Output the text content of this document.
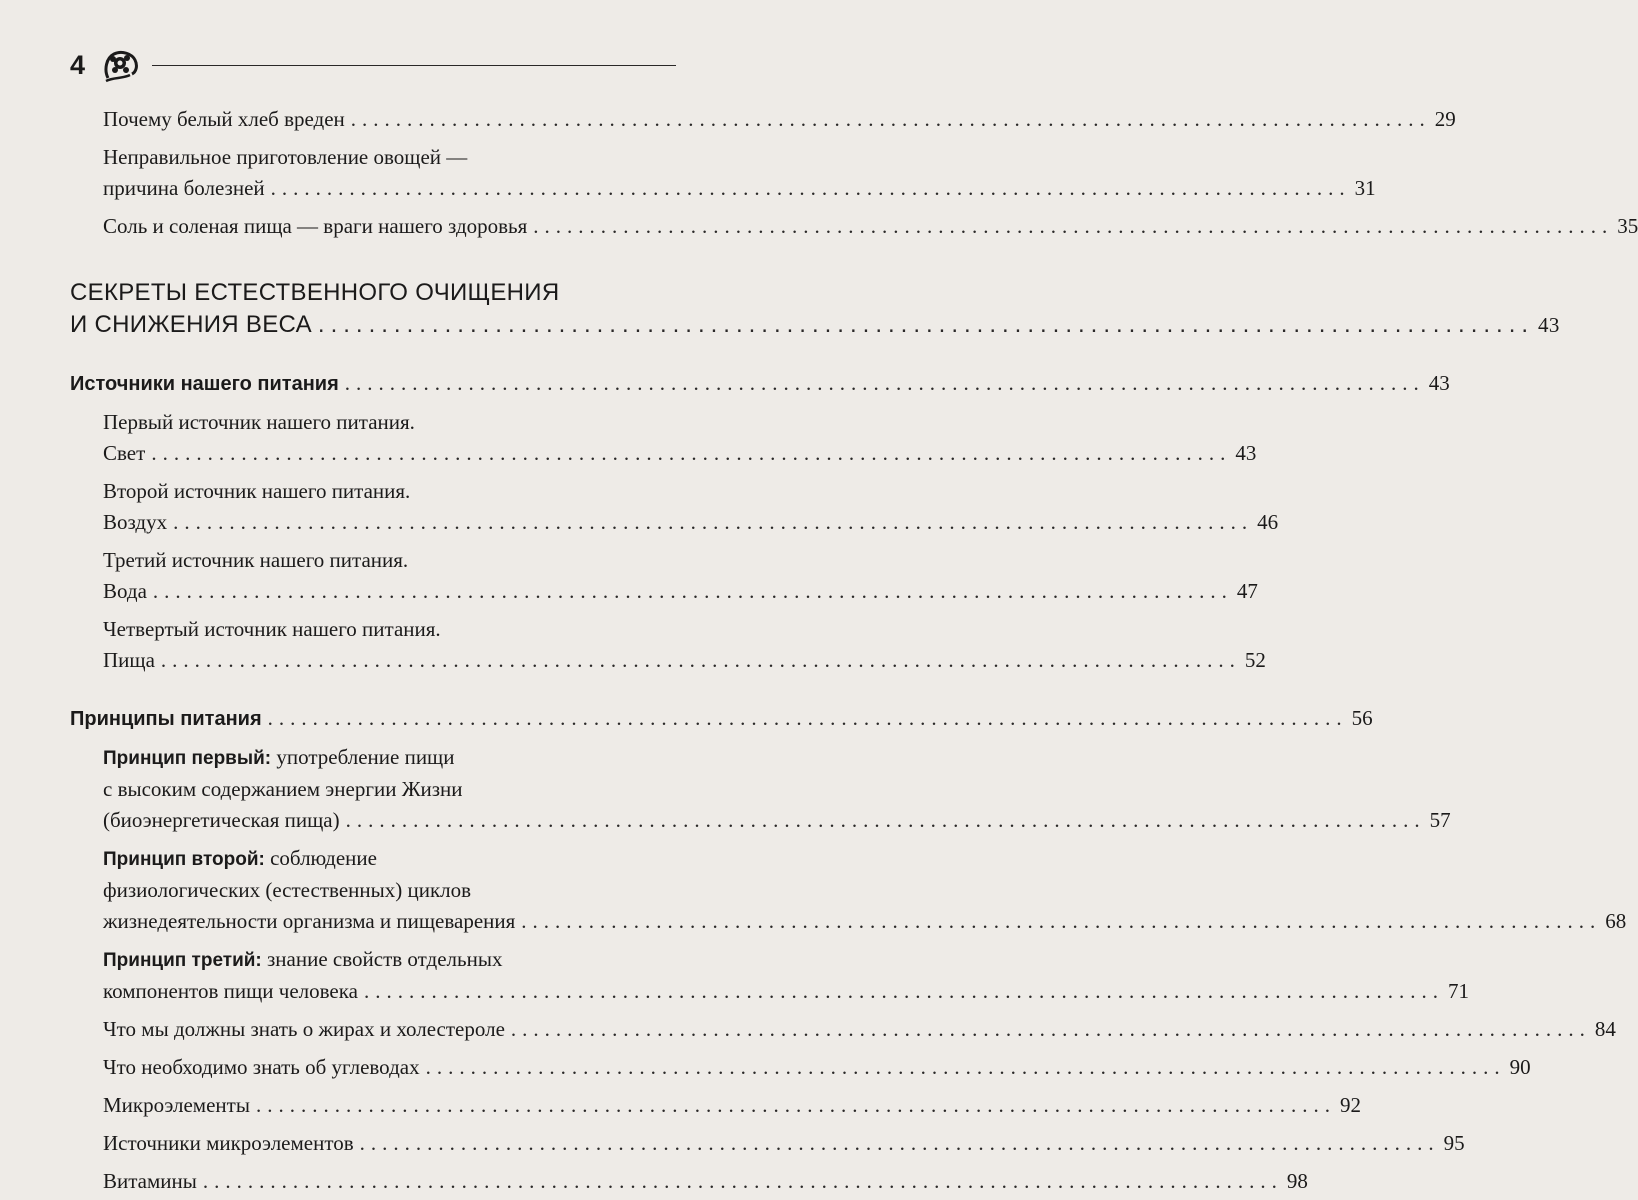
4
Почему белый хлеб вреден ................................................................................................ 29
Неправильное приготовление овощей —
причина болезней ................................................................................................ 31
Соль и соленая пища — враги нашего здоровья ................................................................................................ 35
СЕКРЕТЫ ЕСТЕСТВЕННОГО ОЧИЩЕНИЯ
И СНИЖЕНИЯ ВЕСА ................................................................................................ 43
Источники нашего питания ................................................................................................ 43
Первый источник нашего питания.
Свет ................................................................................................ 43
Второй источник нашего питания.
Воздух ................................................................................................ 46
Третий источник нашего питания.
Вода ................................................................................................ 47
Четвертый источник нашего питания.
Пища ................................................................................................ 52
Принципы питания ................................................................................................ 56
Принцип первый: употребление пищи
с высоким содержанием энергии Жизни
(биоэнергетическая пища) ................................................................................................ 57
Принцип второй: соблюдение
физиологических (естественных) циклов
жизнедеятельности организма и пищеварения ................................................................................................ 68
Принцип третий: знание свойств отдельных
компонентов пищи человека ................................................................................................ 71
Что мы должны знать о жирах и холестероле ................................................................................................ 84
Что необходимо знать об углеводах ................................................................................................ 90
Микроэлементы ................................................................................................ 92
Источники микроэлементов ................................................................................................ 95
Витамины ................................................................................................ 98
